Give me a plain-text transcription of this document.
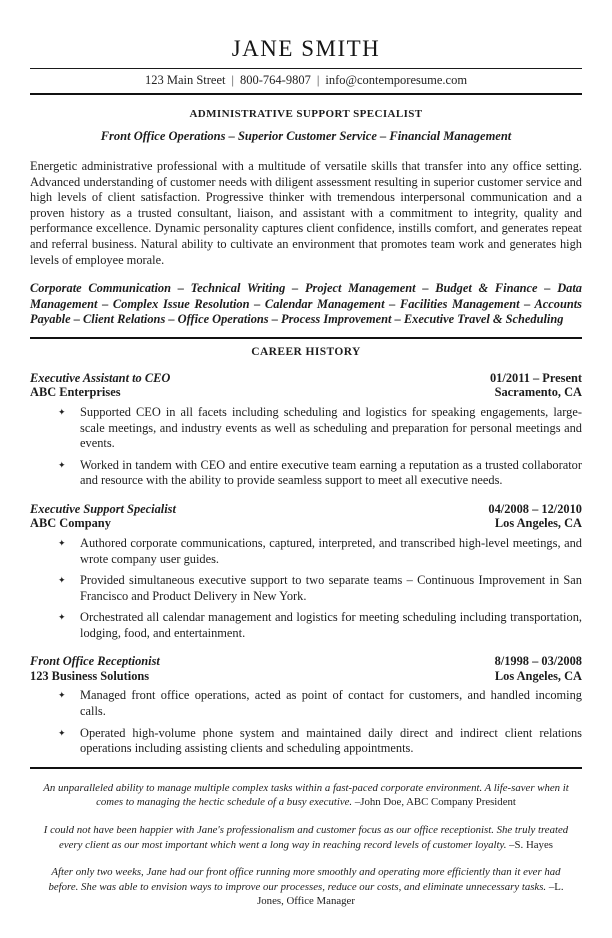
JANE SMITH
123 Main Street | 800-764-9807 | info@contemporesume.com
ADMINISTRATIVE SUPPORT SPECIALIST
Front Office Operations – Superior Customer Service – Financial Management

Energetic administrative professional with a multitude of versatile skills that transfer into any office setting. Advanced understanding of customer needs with diligent assessment resulting in superior customer service and high levels of client satisfaction. Progressive thinker with tremendous interpersonal communication and a proven history as a trusted consultant, liaison, and assistant with a commitment to integrity, quality and performance excellence. Dynamic personality captures client confidence, instills comfort, and generates repeat and referral business. Natural ability to cultivate an environment that promotes team work and generates high levels of employee morale.

Corporate Communication – Technical Writing – Project Management – Budget & Finance – Data Management – Complex Issue Resolution – Calendar Management – Facilities Management – Accounts Payable – Client Relations – Office Operations – Process Improvement – Executive Travel & Scheduling

CAREER HISTORY
Executive Assistant to CEO	01/2011 – Present
ABC Enterprises	Sacramento, CA
✦	Supported CEO in all facets including scheduling and logistics for speaking engagements, large-scale meetings, and industry events as well as scheduling and preparation for personal meetings and events.
✦	Worked in tandem with CEO and entire executive team earning a reputation as a trusted collaborator and resource with the ability to provide seamless support to meet all executive needs.
Executive Support Specialist	04/2008 – 12/2010
ABC Company	Los Angeles, CA
✦	Authored corporate communications, captured, interpreted, and transcribed high-level meetings, and wrote company user guides.
✦	Provided simultaneous executive support to two separate teams – Continuous Improvement in San Francisco and Product Delivery in New York.
✦	Orchestrated all calendar management and logistics for meeting scheduling including transportation, lodging, food, and entertainment.
Front Office Receptionist	8/1998 – 03/2008
123 Business Solutions	Los Angeles, CA
✦	Managed front office operations, acted as point of contact for customers, and handled incoming calls.
✦	Operated high-volume phone system and maintained daily direct and indirect client relations operations including assisting clients and scheduling appointments.

An unparalleled ability to manage multiple complex tasks within a fast-paced corporate environment. A life-saver when it comes to managing the hectic schedule of a busy executive. –John Doe, ABC Company President

I could not have been happier with Jane's professionalism and customer focus as our office receptionist. She truly treated every client as our most important which went a long way in reaching record levels of customer loyalty. –S. Hayes

After only two weeks, Jane had our front office running more smoothly and operating more efficiently than it ever had before. She was able to envision ways to improve our processes, reduce our costs, and eliminate unnecessary tasks. –L. Jones, Office Manager
